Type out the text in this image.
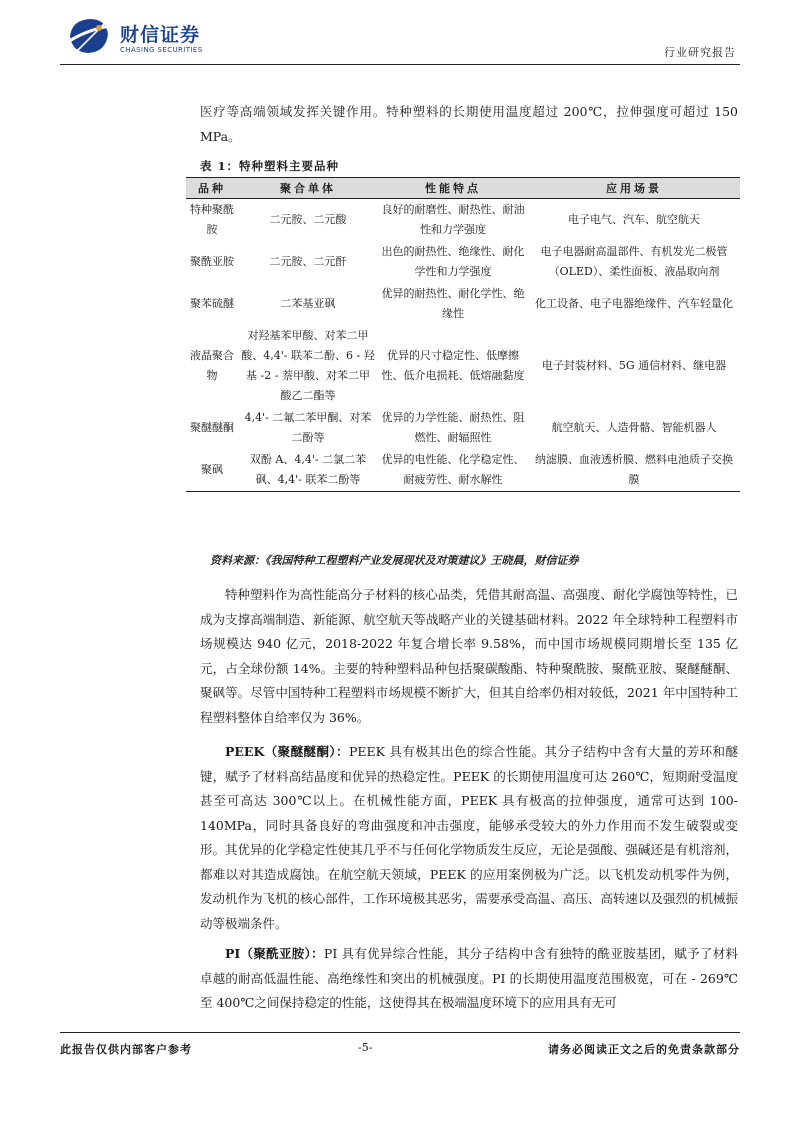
财信证券
CHASING SECURITIES	行业研究报告

医疗等高端领域发挥关键作用。特种塑料的长期使用温度超过 200℃，拉伸强度可超过 150 MPa。

表 1：特种塑料主要品种
品种	聚合单体	性能特点	应用场景
特种聚酰胺	二元胺、二元酸	良好的耐磨性、耐热性、耐油性和力学强度	电子电气、汽车、航空航天
聚酰亚胺	二元胺、二元酐	出色的耐热性、绝缘性、耐化学性和力学强度	电子电器耐高温部件、有机发光二极管（OLED）、柔性面板、液晶取向剂
聚苯硫醚	二苯基亚砜	优异的耐热性、耐化学性、绝缘性	化工设备、电子电器绝缘件、汽车轻量化
液晶聚合物	对羟基苯甲酸、对苯二甲酸、4,4'- 联苯二酚、6 - 羟基 -2 - 萘甲酸、对苯二甲酸乙二酯等	优异的尺寸稳定性、低摩擦性、低介电损耗、低熔融黏度	电子封装材料、5G 通信材料、继电器
聚醚醚酮	4,4'- 二氟二苯甲酮、对苯二酚等	优异的力学性能、耐热性、阻燃性、耐辐照性	航空航天、人造骨骼、智能机器人
聚砜	双酚 A、4,4'- 二氯二苯砜、4,4'- 联苯二酚等	优异的电性能、化学稳定性、耐疲劳性、耐水解性	纳滤膜、血液透析膜、燃料电池质子交换膜
资料来源：《我国特种工程塑料产业发展现状及对策建议》王晓晨，财信证券

特种塑料作为高性能高分子材料的核心品类，凭借其耐高温、高强度、耐化学腐蚀等特性，已成为支撑高端制造、新能源、航空航天等战略产业的关键基础材料。2022 年全球特种工程塑料市场规模达 940 亿元，2018-2022 年复合增长率 9.58%，而中国市场规模同期增长至 135 亿元，占全球份额 14%。主要的特种塑料品种包括聚碳酸酯、特种聚酰胺、聚酰亚胺、聚醚醚酮、聚砜等。尽管中国特种工程塑料市场规模不断扩大，但其自给率仍相对较低，2021 年中国特种工程塑料整体自给率仅为 36%。

PEEK（聚醚醚酮）：PEEK 具有极其出色的综合性能。其分子结构中含有大量的芳环和醚键，赋予了材料高结晶度和优异的热稳定性。PEEK 的长期使用温度可达 260℃，短期耐受温度甚至可高达 300℃以上。在机械性能方面，PEEK 具有极高的拉伸强度，通常可达到 100-140MPa，同时具备良好的弯曲强度和冲击强度，能够承受较大的外力作用而不发生破裂或变形。其优异的化学稳定性使其几乎不与任何化学物质发生反应，无论是强酸、强碱还是有机溶剂，都难以对其造成腐蚀。在航空航天领域，PEEK 的应用案例极为广泛。以飞机发动机零件为例，发动机作为飞机的核心部件，工作环境极其恶劣，需要承受高温、高压、高转速以及强烈的机械振动等极端条件。

PI（聚酰亚胺）：PI 具有优异综合性能，其分子结构中含有独特的酰亚胺基团，赋予了材料卓越的耐高低温性能、高绝缘性和突出的机械强度。PI 的长期使用温度范围极宽，可在 - 269℃至 400℃之间保持稳定的性能，这使得其在极端温度环境下的应用具有无可

此报告仅供内部客户参考	-5-	请务必阅读正文之后的免责条款部分
